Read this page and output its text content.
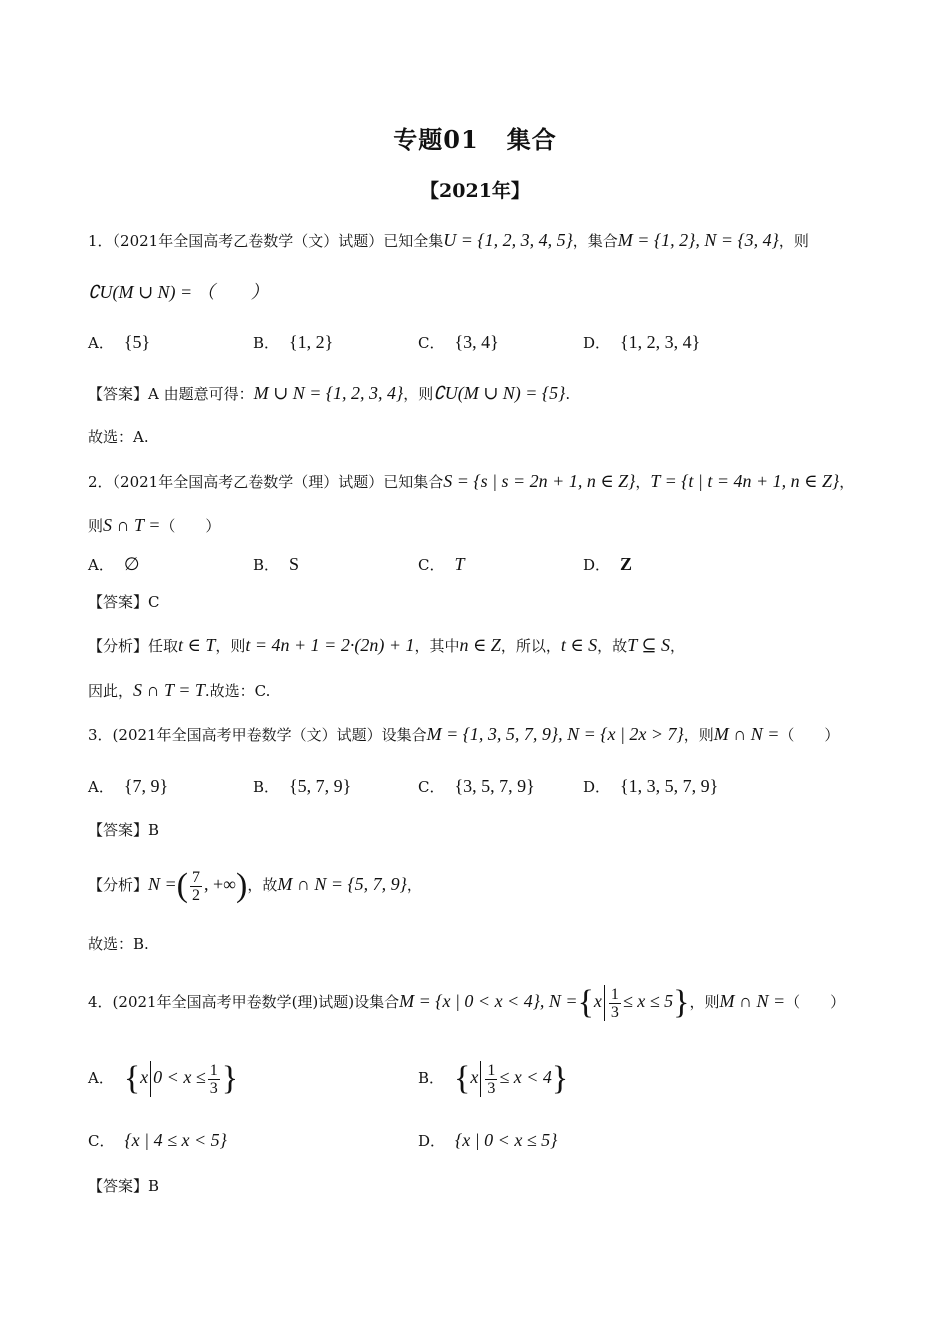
专题01 集合
【2021年】
1．（2021年全国高考乙卷数学（文）试题）已知全集U = {1, 2, 3, 4, 5}，集合M = {1, 2}, N = {3, 4}，则
∁U(M ∪ N) = （　　）
A． {5}	B． {1, 2}	C． {3, 4}	D． {1, 2, 3, 4}
【答案】A 由题意可得：M ∪ N = {1, 2, 3, 4}，则∁U(M ∪ N) = {5}.
故选：A.
2．（2021年全国高考乙卷数学（理）试题）已知集合S = {s | s = 2n + 1, n ∈ Z}，T = {t | t = 4n + 1, n ∈ Z}，
则S ∩ T =（　　）
A． ∅	B． S	C． T	D． Z
【答案】C
【分析】任取t ∈ T，则t = 4n + 1 = 2·(2n) + 1，其中n ∈ Z，所以，t ∈ S，故T ⊆ S，
因此，S ∩ T = T.故选：C.
3．(2021年全国高考甲卷数学（文）试题）设集合M = {1, 3, 5, 7, 9}, N = {x | 2x > 7}，则M ∩ N =（　　）
A． {7, 9}	B． {5, 7, 9}	C． {3, 5, 7, 9}	D． {1, 3, 5, 7, 9}
【答案】B
【分析】N =( $\frac{7}{2}$ , +∞)，故M ∩ N = {5, 7, 9}，
故选：B.
4．(2021年全国高考甲卷数学(理)试题)设集合M = {x | 0 < x < 4}, $N =\{x \frac{1}{3} \le x \le 5\}$，则M ∩ N =（　　）
A． {x $0 < x \le \frac{1}{3}$ }	B． $\{x \frac{1}{3} \le x < 4\}$
C． {x | 4 ≤ x < 5}	D． {x | 0 < x ≤ 5}
【答案】B
